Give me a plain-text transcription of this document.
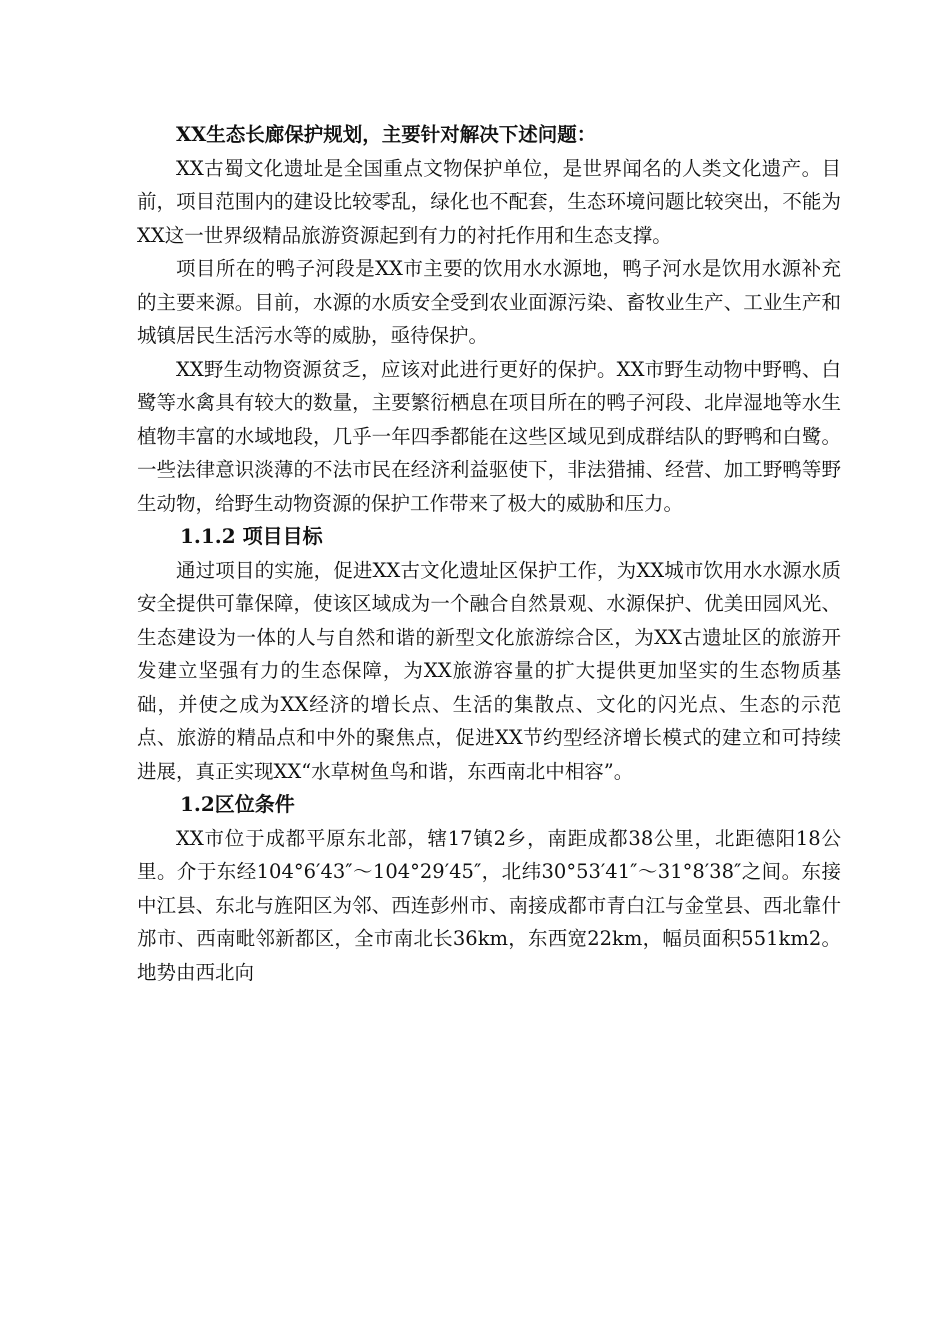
XX生态长廊保护规划，主要针对解决下述问题：

XX古蜀文化遗址是全国重点文物保护单位，是世界闻名的人类文化遗产。目前，项目范围内的建设比较零乱，绿化也不配套，生态环境问题比较突出，不能为XX这一世界级精品旅游资源起到有力的衬托作用和生态支撑。

项目所在的鸭子河段是XX市主要的饮用水水源地，鸭子河水是饮用水源补充的主要来源。目前，水源的水质安全受到农业面源污染、畜牧业生产、工业生产和城镇居民生活污水等的威胁，亟待保护。

XX野生动物资源贫乏，应该对此进行更好的保护。XX市野生动物中野鸭、白鹭等水禽具有较大的数量，主要繁衍栖息在项目所在的鸭子河段、北岸湿地等水生植物丰富的水域地段，几乎一年四季都能在这些区域见到成群结队的野鸭和白鹭。一些法律意识淡薄的不法市民在经济利益驱使下，非法猎捕、经营、加工野鸭等野生动物，给野生动物资源的保护工作带来了极大的威胁和压力。

1.1.2 项目目标

通过项目的实施，促进XX古文化遗址区保护工作，为XX城市饮用水水源水质安全提供可靠保障，使该区域成为一个融合自然景观、水源保护、优美田园风光、生态建设为一体的人与自然和谐的新型文化旅游综合区，为XX古遗址区的旅游开发建立坚强有力的生态保障，为XX旅游容量的扩大提供更加坚实的生态物质基础，并使之成为XX经济的增长点、生活的集散点、文化的闪光点、生态的示范点、旅游的精品点和中外的聚焦点，促进XX节约型经济增长模式的建立和可持续进展，真正实现XX“水草树鱼鸟和谐，东西南北中相容”。

1.2区位条件

XX市位于成都平原东北部，辖17镇2乡，南距成都38公里，北距德阳18公里。介于东经104°6′43″～104°29′45″，北纬30°53′41″～31°8′38″之间。东接中江县、东北与旌阳区为邻、西连彭州市、南接成都市青白江与金堂县、西北靠什邡市、西南毗邻新都区，全市南北长36km，东西宽22km，幅员面积551km2。地势由西北向
